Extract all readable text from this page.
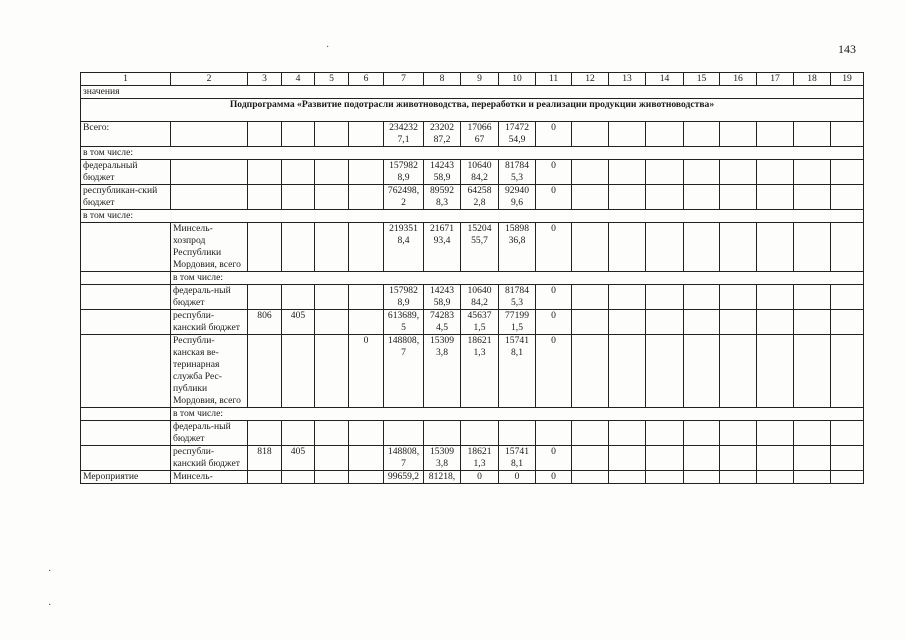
143
·
·
·
1	2	3	4	5	6	7	8	9	10	11	12	13	14	15	16	17	18	19
значения																		
Подпрограмма «Развитие подотрасли животноводства, переработки и реализации продукции животноводства»																		
Всего:						234232 7,1	23202 87,2	17066 67	17472 54,9	0								
в том числе:																		
федеральный бюджет						157982 8,9	14243 58,9	10640 84,2	81784 5,3	0								
республикан-ский бюджет						762498, 2	89592 8,3	64258 2,8	92940 9,6	0								
в том числе:																		
	Минсель-хозпрод Республики Мордовия, всего					219351 8,4	21671 93,4	15204 55,7	15898 36,8	0								
	в том числе:																	
	федераль-ный бюджет					157982 8,9	14243 58,9	10640 84,2	81784 5,3	0								
	республи-канский бюджет	806	405			613689, 5	74283 4,5	45637 1,5	77199 1,5	0								
	Республи-канская ве-теринарная служба Рес-публики Мордовия, всего				0	148808, 7	15309 3,8	18621 1,3	15741 8,1	0								
	в том числе:																	
	федераль-ный бюджет																	
	республи-канский бюджет	818	405			148808, 7	15309 3,8	18621 1,3	15741 8,1	0								
Мероприятие	Минсель-					99659,2	81218,	0	0	0								
